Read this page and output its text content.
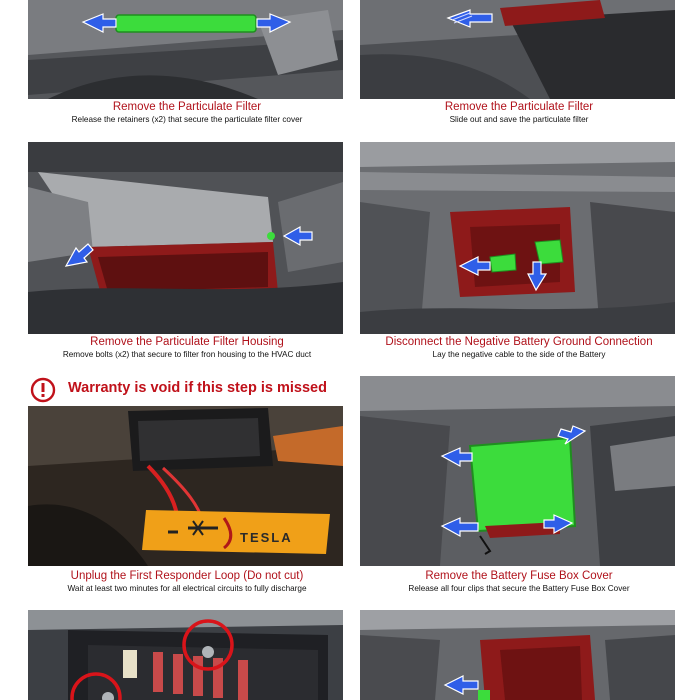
Remove the Particulate Filter
Release the retainers (x2) that secure the particulate filter cover
Remove the Particulate Filter
Slide out and save the particulate filter
Remove the Particulate Filter Housing
Remove bolts (x2) that secure to filter fron housing to the HVAC duct
Disconnect the Negative Battery Ground Connection
Lay the negative cable to the side of the Battery
Warranty is void if this step is missed
TESLA
Unplug the First Responder Loop (Do not cut)
Wait at least two minutes for all electrical circuits to fully discharge
Remove the Battery Fuse Box Cover
Release all four clips that secure the Battery Fuse Box Cover
